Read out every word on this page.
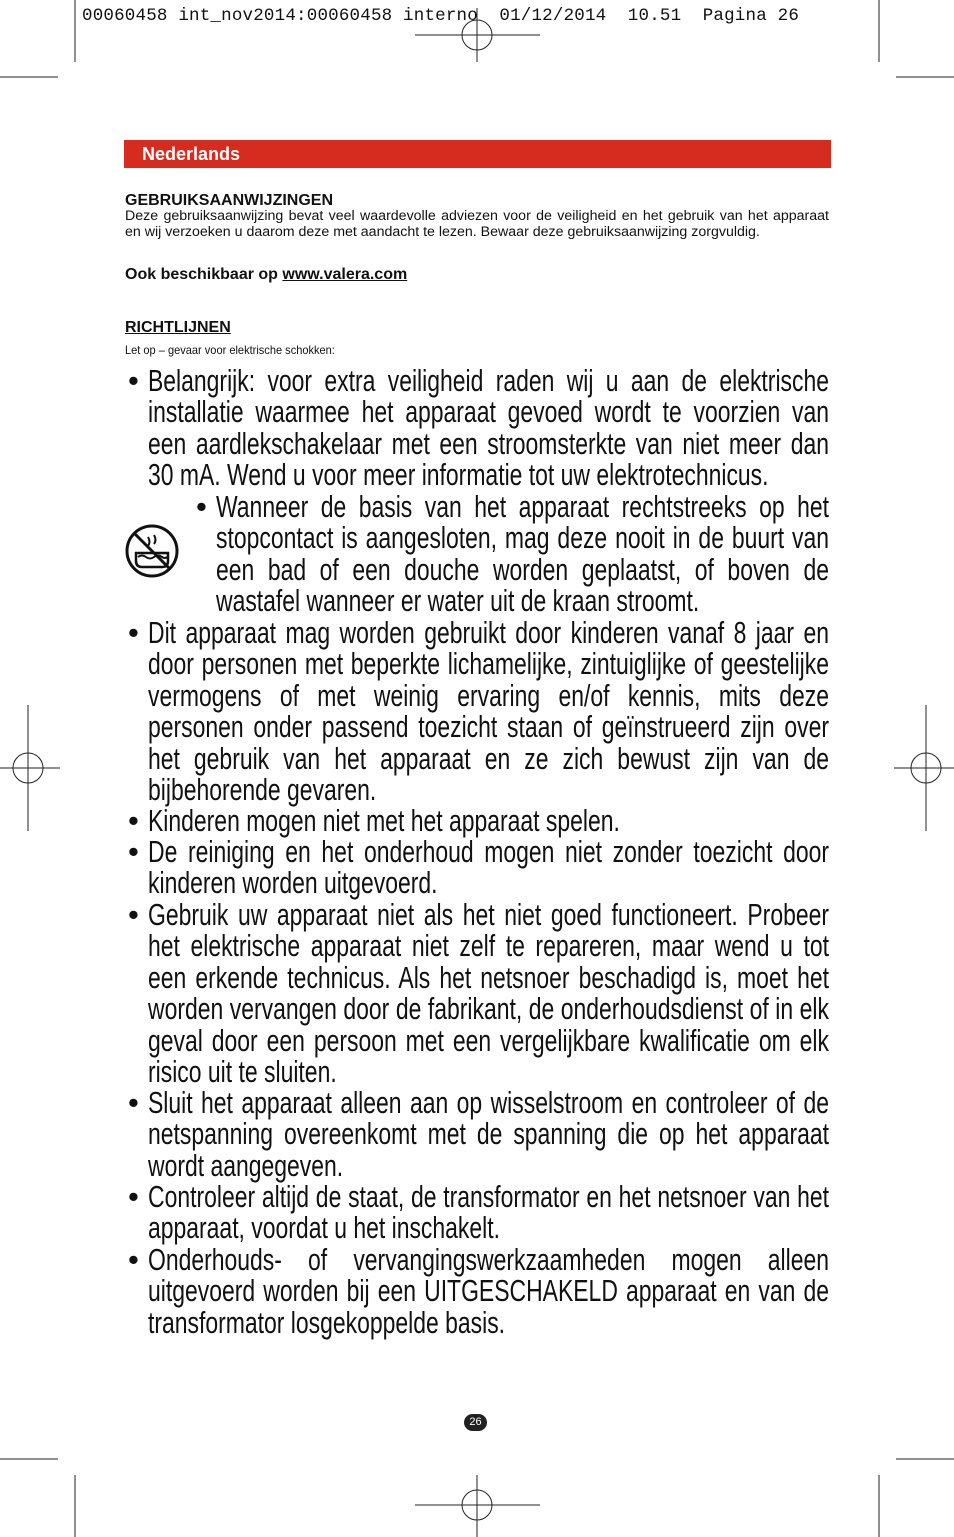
00060458 int_nov2014:00060458 interno  01/12/2014  10.51  Pagina 26
Nederlands
GEBRUIKSAANWIJZINGEN
Deze gebruiksaanwijzing bevat veel waardevolle adviezen voor de veiligheid en het gebruik van het apparaat en wij verzoeken u daarom deze met aandacht te lezen. Bewaar deze gebruiksaanwijzing zorgvuldig.
Ook beschikbaar op www.valera.com
RICHTLIJNEN
Let op – gevaar voor elektrische schokken:
• Belangrijk: voor extra veiligheid raden wij u aan de elektrische installatie waarmee het apparaat gevoed wordt te voorzien van een aardlekschakelaar met een stroomsterkte van niet meer dan 30 mA. Wend u voor meer informatie tot uw elektrotechnicus.
• Wanneer de basis van het apparaat rechtstreeks op het stopcontact is aangesloten, mag deze nooit in de buurt van een bad of een douche worden geplaatst, of boven de wastafel wanneer er water uit de kraan stroomt.
• Dit apparaat mag worden gebruikt door kinderen vanaf 8 jaar en door personen met beperkte lichamelijke, zintuiglijke of geestelijke vermogens of met weinig ervaring en/of kennis, mits deze personen onder passend toezicht staan of geïnstrueerd zijn over het gebruik van het apparaat en ze zich bewust zijn van de bijbehorende gevaren.
• Kinderen mogen niet met het apparaat spelen.
• De reiniging en het onderhoud mogen niet zonder toezicht door kinderen worden uitgevoerd.
• Gebruik uw apparaat niet als het niet goed functioneert. Probeer het elektrische apparaat niet zelf te repareren, maar wend u tot een erkende technicus. Als het netsnoer beschadigd is, moet het worden vervangen door de fabrikant, de onderhoudsdienst of in elk geval door een persoon met een vergelijkbare kwalificatie om elk risico uit te sluiten.
• Sluit het apparaat alleen aan op wisselstroom en controleer of de netspanning overeenkomt met de spanning die op het apparaat wordt aangegeven.
• Controleer altijd de staat, de transformator en het netsnoer van het apparaat, voordat u het inschakelt.
• Onderhouds- of vervangingswerkzaamheden mogen alleen uitgevoerd worden bij een UITGESCHAKELD apparaat en van de transformator losgekoppelde basis.
26
